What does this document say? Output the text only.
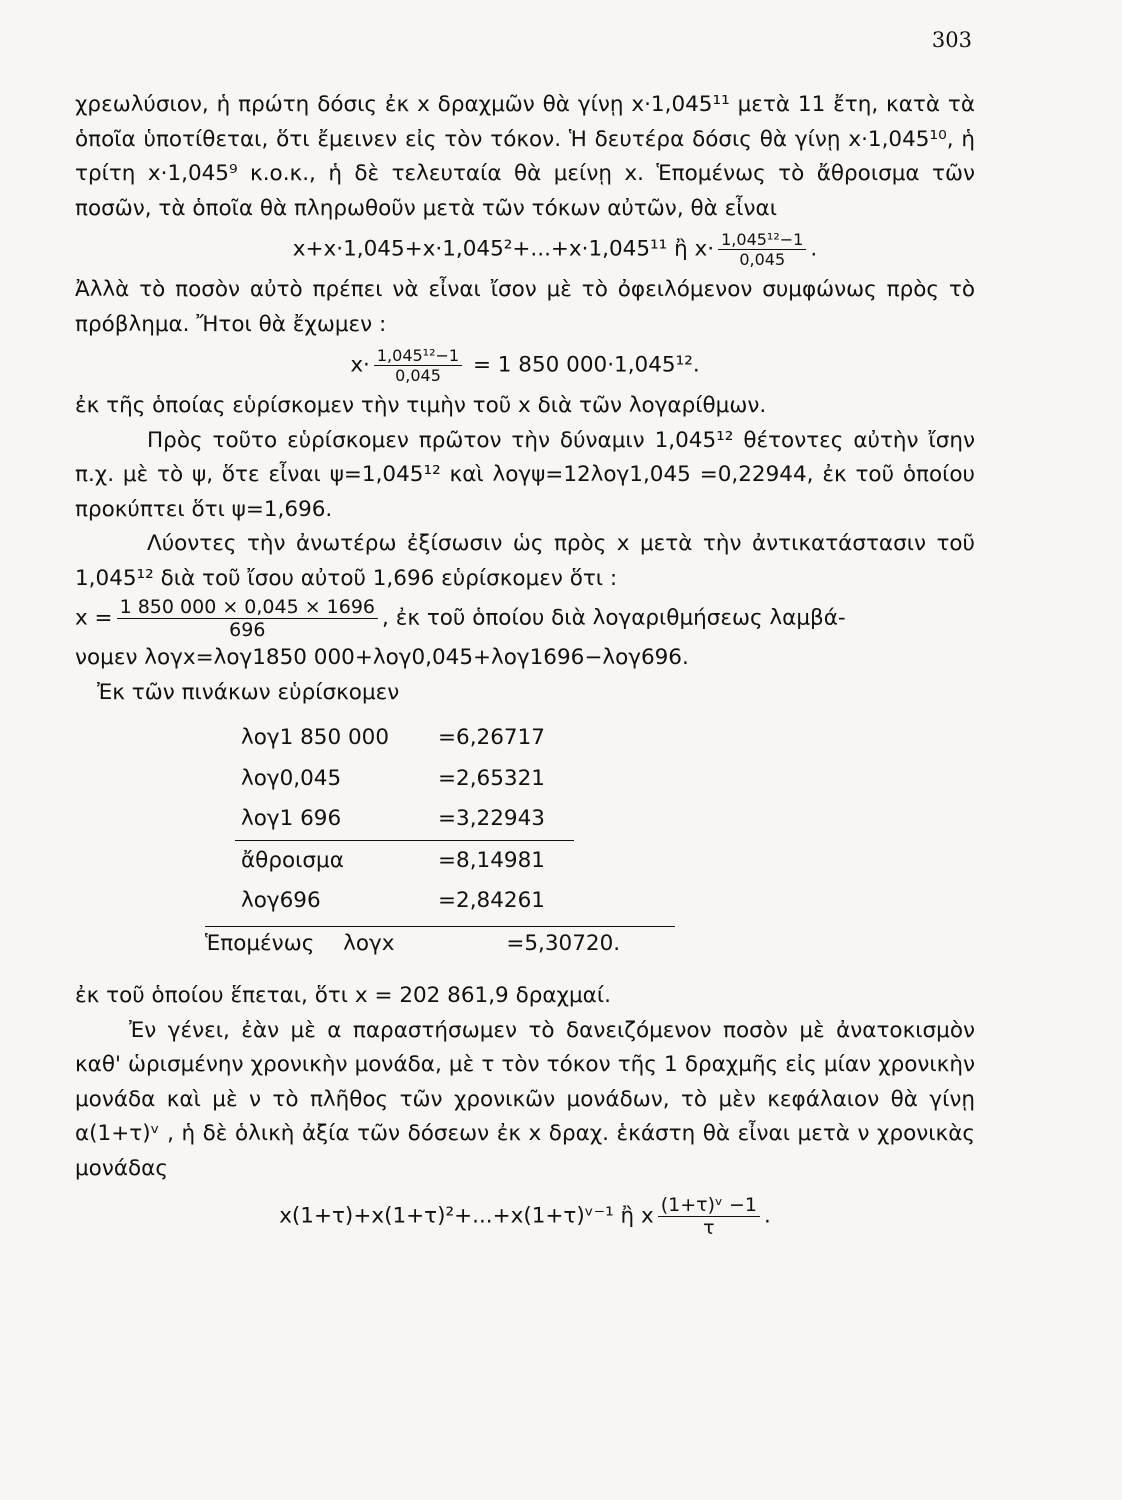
303

χρεωλύσιον, ἡ πρώτη δόσις ἐκ x δραχμῶν θὰ γίνῃ x·1,045¹¹ μετὰ 11 ἔτη, κατὰ τὰ ὁποῖα ὑποτίθεται, ὅτι ἔμεινεν εἰς τὸν τόκον. Ἡ δευτέρα δόσις θὰ γίνῃ x·1,045¹⁰, ἡ τρίτη x·1,045⁹ κ.ο.κ., ἡ δὲ τελευταία θὰ μείνῃ x. Ἑπομένως τὸ ἄθροισμα τῶν ποσῶν, τὰ ὁποῖα θὰ πληρωθοῦν μετὰ τῶν τόκων αὐτῶν, θὰ εἶναι

x+x·1,045+x·1,045²+...+x·1,045¹¹ ἢ $x\cdot \frac{\text{1,045¹²−1}}{0,045}$ .

Ἀλλὰ τὸ ποσὸν αὐτὸ πρέπει νὰ εἶναι ἴσον μὲ τὸ ὀφειλόμενον συμφώνως πρὸς τὸ πρόβλημα. Ἤτοι θὰ ἔχωμεν :

$x\cdot \frac{\text{1,045¹²−1}}{0,045} = 1$ 850 000·1,045¹².

ἐκ τῆς ὁποίας εὑρίσκομεν τὴν τιμὴν τοῦ x διὰ τῶν λογαρίθμων.

Πρὸς τοῦτο εὑρίσκομεν πρῶτον τὴν δύναμιν 1,045¹² θέτοντες αὐτὴν ἴσην π.χ. μὲ τὸ ψ, ὅτε εἶναι ψ=1,045¹² καὶ λογψ=12λογ1,045 =0,22944, ἐκ τοῦ ὁποίου προκύπτει ὅτι ψ=1,696.

Λύοντες τὴν ἀνωτέρω ἐξίσωσιν ὡς πρὸς x μετὰ τὴν ἀντικατάστασιν τοῦ 1,045¹² διὰ τοῦ ἴσου αὐτοῦ 1,696 εὑρίσκομεν ὅτι :

$x = \frac{1 850 000 \times 0,045 \times 1696}{696}$ , ἐκ τοῦ ὁποίου διὰ λογαριθμήσεως λαμβά-

νομεν λογx=λογ1850 000+λογ0,045+λογ1696−λογ696.

Ἐκ τῶν πινάκων εὑρίσκομεν

λογ1 850 000	=6,26717
λογ0,045	=2,65321
λογ1 696	=3,22943
ἄθροισμα	=8,14981
λογ696	=2,84261
Ἑπομένως λογx	=5,30720.

ἐκ τοῦ ὁποίου ἕπεται, ὅτι x = 202 861,9 δραχμαί.

Ἐν γένει, ἐὰν μὲ α παραστήσωμεν τὸ δανειζόμενον ποσὸν μὲ ἀνατοκισμὸν καθ' ὡρισμένην χρονικὴν μονάδα, μὲ τ τὸν τόκον τῆς 1 δραχμῆς εἰς μίαν χρονικὴν μονάδα καὶ μὲ ν τὸ πλῆθος τῶν χρονικῶν μονάδων, τὸ μὲν κεφάλαιον θὰ γίνῃ α(1+τ)ᵛ , ἡ δὲ ὁλικὴ ἀξία τῶν δόσεων ἐκ x δραχ. ἑκάστη θὰ εἶναι μετὰ ν χρονικὰς μονάδας

x(1+τ)+x(1+τ)²+...+x(1+τ)ᵛ⁻¹ ἢ x $\frac{\text{(1+τ)ᵛ −1}}{\tau}$ .
